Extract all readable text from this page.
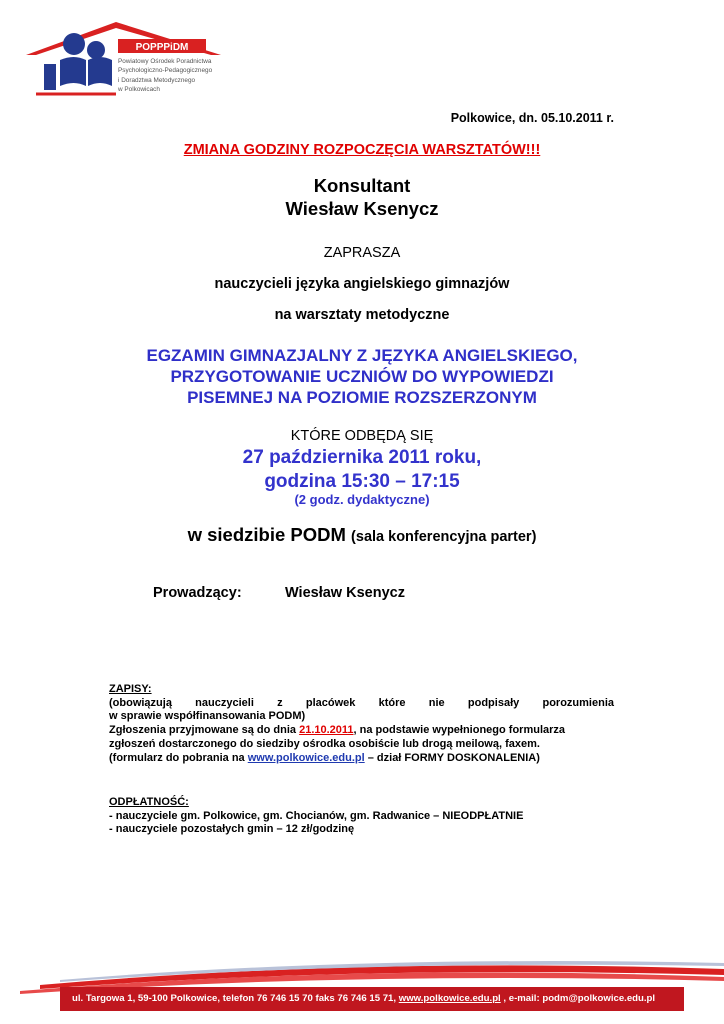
POPPPiDM
Powiatowy Ośrodek Poradnictwa
Psychologiczno-Pedagogicznego
i Doradztwa Metodycznego
w Polkowicach
Polkowice, dn. 05.10.2011 r.
ZMIANA GODZINY ROZPOCZĘCIA WARSZTATÓW!!!
Konsultant
Wiesław Ksenycz
ZAPRASZA
nauczycieli języka angielskiego gimnazjów
na warsztaty metodyczne
EGZAMIN GIMNAZJALNY Z JĘZYKA ANGIELSKIEGO,
PRZYGOTOWANIE UCZNIÓW DO WYPOWIEDZI
PISEMNEJ NA POZIOMIE ROZSZERZONYM
KTÓRE ODBĘDĄ SIĘ
27 października 2011 roku,
godzina 15:30 – 17:15
(2 godz. dydaktyczne)
w siedzibie PODM (sala konferencyjna parter)
Prowadzący:	Wiesław Ksenycz
ZAPISY:
(obowiązują nauczycieli z placówek które nie podpisały porozumienia
w sprawie współfinansowania PODM)
Zgłoszenia przyjmowane są do dnia 21.10.2011, na podstawie wypełnionego formularza
zgłoszeń dostarczonego do siedziby ośrodka osobiście lub drogą meilową, faxem.
(formularz do pobrania na www.polkowice.edu.pl – dział FORMY DOSKONALENIA)
ODPŁATNOŚĆ:
- nauczyciele gm. Polkowice, gm. Chocianów, gm. Radwanice – NIEODPŁATNIE
- nauczyciele pozostałych gmin – 12 zł/godzinę
ul. Targowa 1, 59-100 Polkowice, telefon 76 746 15 70 faks 76 746 15 71, www.polkowice.edu.pl , e-mail: podm@polkowice.edu.pl
